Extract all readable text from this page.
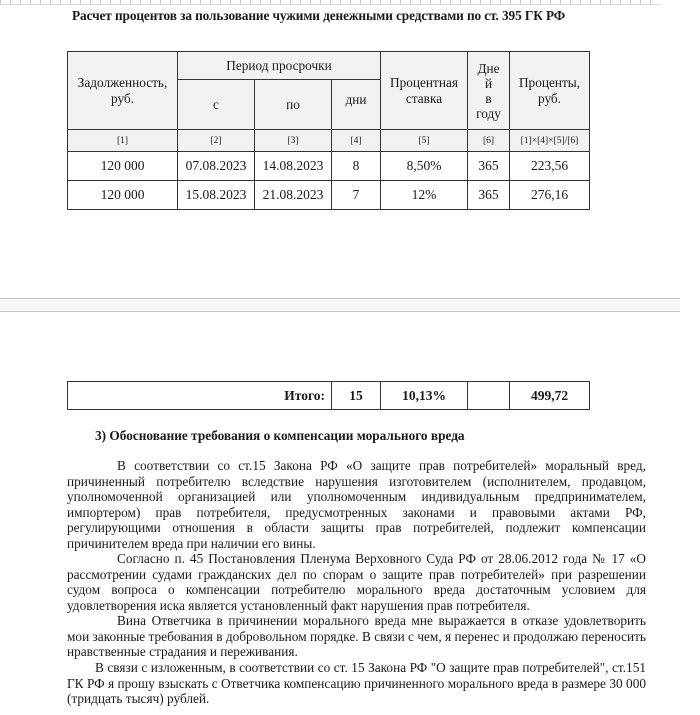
Расчет процентов за пользование чужими денежными средствами по ст. 395 ГК РФ
Задолженность, руб.	Период просрочки			Процентная ставка	Дне
й
в
году	Проценты, руб.
	с	по	дни			
[1]	[2]	[3]	[4]	[5]	[6]	[1]×[4]×[5]/[6]
120 000	07.08.2023	14.08.2023	8	8,50%	365	223,56
120 000	15.08.2023	21.08.2023	7	12%	365	276,16
Итого:	15	10,13%		499,72
3) Обоснование требования о компенсации морального вреда
В соответствии со ст.15 Закона РФ «О защите прав потребителей» моральный вред, причиненный потребителю вследствие нарушения изготовителем (исполнителем, продавцом, уполномоченной организацией или уполномоченным индивидуальным предпринимателем, импортером) прав потребителя, предусмотренных законами и правовыми актами РФ, регулирующими отношения в области защиты прав потребителей, подлежит компенсации причинителем вреда при наличии его вины.
Согласно п. 45 Постановления Пленума Верховного Суда РФ от 28.06.2012 года № 17 «О рассмотрении судами гражданских дел по спорам о защите прав потребителей» при разрешении судом вопроса о компенсации потребителю морального вреда достаточным условием для удовлетворения иска является установленный факт нарушения прав потребителя.
Вина Ответчика в причинении морального вреда мне выражается в отказе удовлетворить мои законные требования в добровольном порядке. В связи с чем, я перенес и продолжаю переносить нравственные страдания и переживания.
В связи с изложенным, в соответствии со ст. 15 Закона РФ "О защите прав потребителей", ст.151 ГК РФ я прошу взыскать с Ответчика компенсацию причиненного морального вреда в размере 30 000 (тридцать тысяч) рублей.
